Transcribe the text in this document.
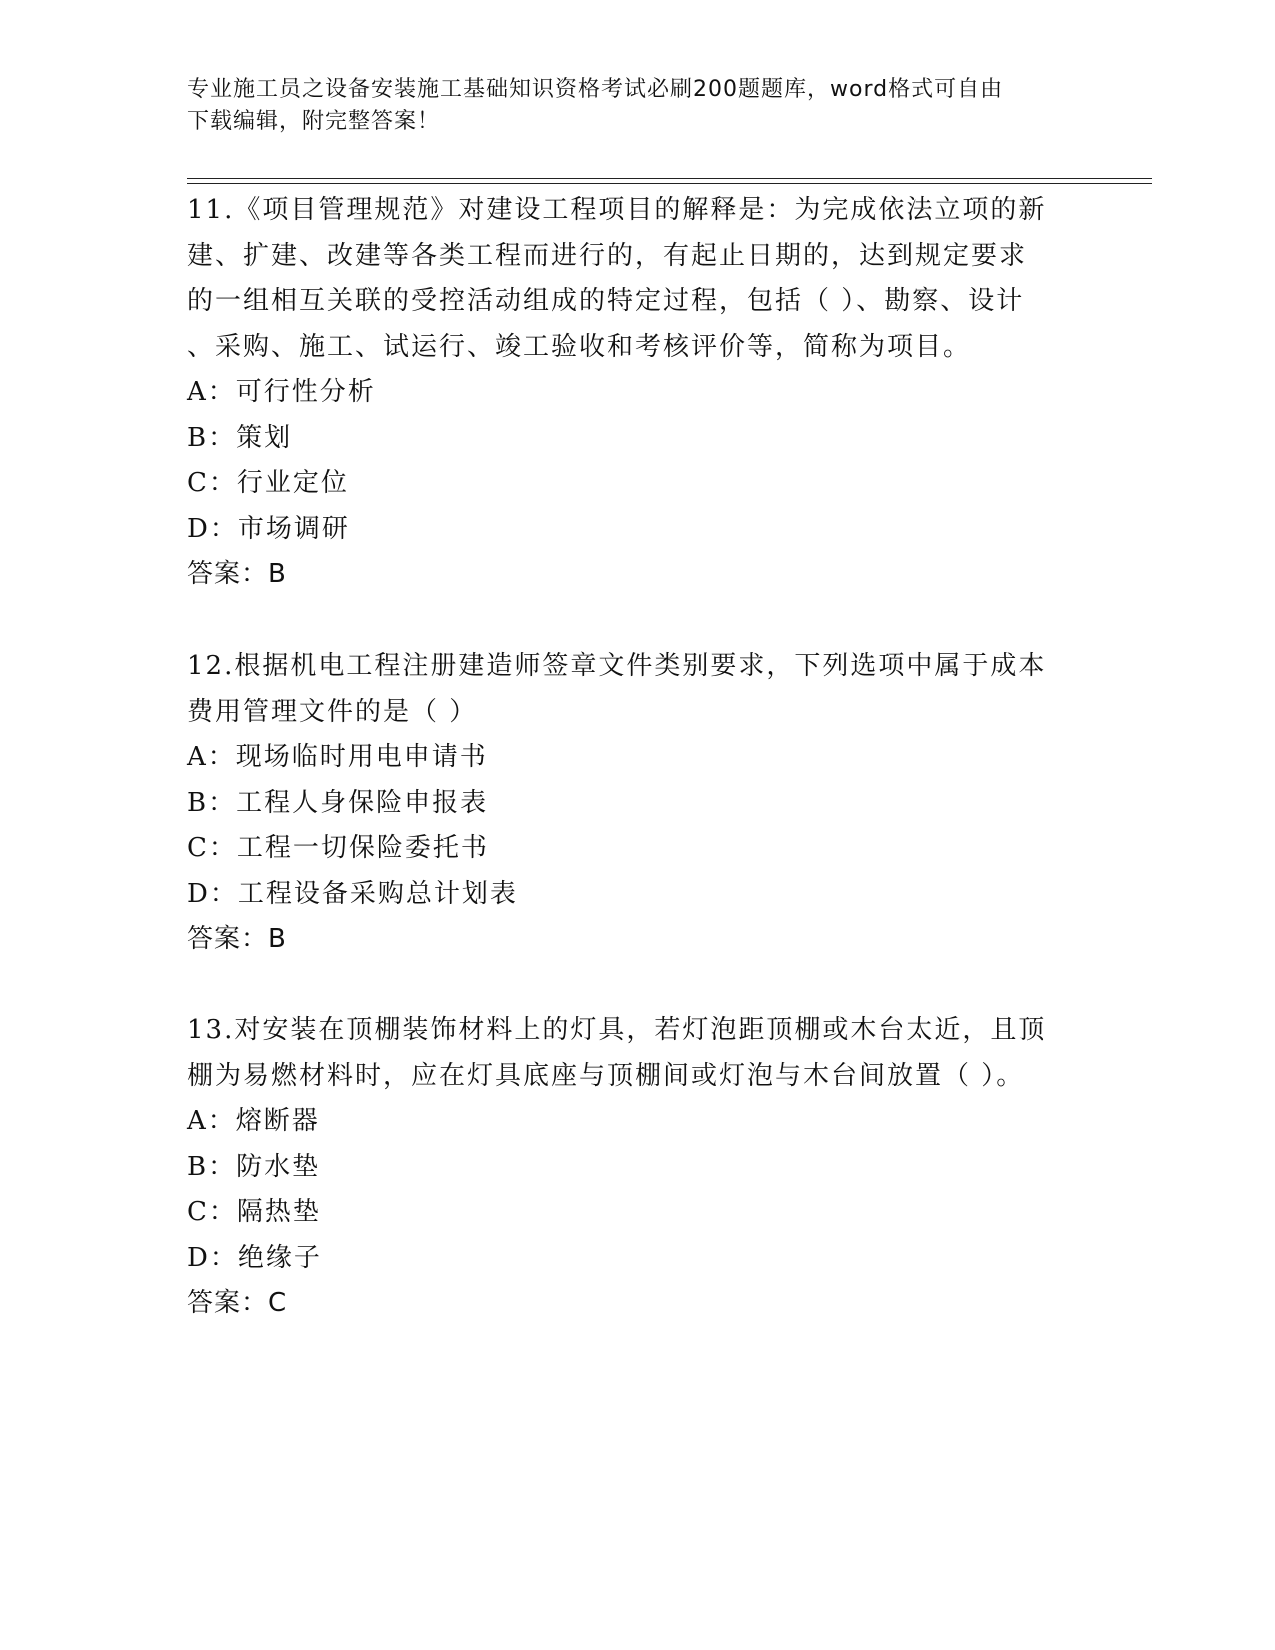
专业施工员之设备安装施工基础知识资格考试必刷200题题库，word格式可自由
下载编辑，附完整答案！

11.《项目管理规范》对建设工程项目的解释是：为完成依法立项的新

建、扩建、改建等各类工程而进行的，有起止日期的，达到规定要求

的一组相互关联的受控活动组成的特定过程，包括（ ）、勘察、设计

、采购、施工、试运行、竣工验收和考核评价等，简称为项目。

A：可行性分析

B：策划

C：行业定位

D：市场调研

答案：B

12.根据机电工程注册建造师签章文件类别要求，下列选项中属于成本

费用管理文件的是（ ）

A：现场临时用电申请书

B：工程人身保险申报表

C：工程一切保险委托书

D：工程设备采购总计划表

答案：B

13.对安装在顶棚装饰材料上的灯具，若灯泡距顶棚或木台太近，且顶

棚为易燃材料时，应在灯具底座与顶棚间或灯泡与木台间放置（ ）。

A：熔断器

B：防水垫

C：隔热垫

D：绝缘子

答案：C
